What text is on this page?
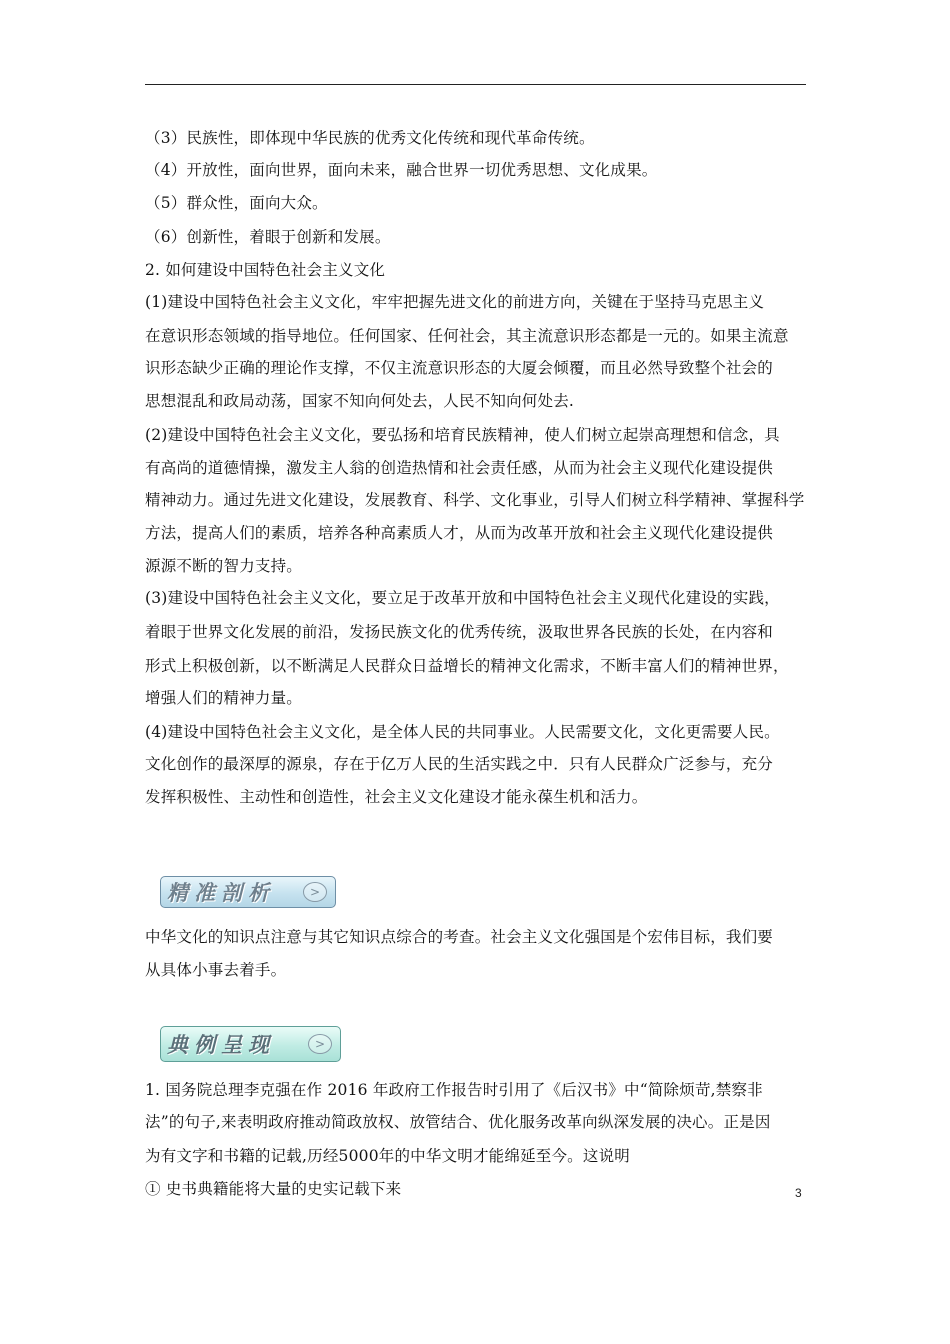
（3）民族性，即体现中华民族的优秀文化传统和现代革命传统。
（4）开放性，面向世界，面向未来，融合世界一切优秀思想、文化成果。
（5）群众性，面向大众。
（6）创新性，着眼于创新和发展。
2. 如何建设中国特色社会主义文化
(1)建设中国特色社会主义文化，牢牢把握先进文化的前进方向，关键在于坚持马克思主义
在意识形态领域的指导地位。任何国家、任何社会，其主流意识形态都是一元的。如果主流意
识形态缺少正确的理论作支撑，不仅主流意识形态的大厦会倾覆，而且必然导致整个社会的
思想混乱和政局动荡，国家不知向何处去，人民不知向何处去.
(2)建设中国特色社会主义文化，要弘扬和培育民族精神，使人们树立起崇高理想和信念，具
有高尚的道德情操，激发主人翁的创造热情和社会责任感，从而为社会主义现代化建设提供
精神动力。通过先进文化建设，发展教育、科学、文化事业，引导人们树立科学精神、掌握科学
方法，提高人们的素质，培养各种高素质人才，从而为改革开放和社会主义现代化建设提供
源源不断的智力支持。
(3)建设中国特色社会主义文化，要立足于改革开放和中国特色社会主义现代化建设的实践，
着眼于世界文化发展的前沿，发扬民族文化的优秀传统，汲取世界各民族的长处，在内容和
形式上积极创新，以不断满足人民群众日益增长的精神文化需求，不断丰富人们的精神世界，
增强人们的精神力量。
(4)建设中国特色社会主义文化，是全体人民的共同事业。人民需要文化，文化更需要人民。
文化创作的最深厚的源泉，存在于亿万人民的生活实践之中．只有人民群众广泛参与，充分
发挥积极性、主动性和创造性，社会主义文化建设才能永葆生机和活力。
精准剖析	>
中华文化的知识点注意与其它知识点综合的考查。社会主义文化强国是个宏伟目标，我们要
从具体小事去着手。
典例呈现	>
1. 国务院总理李克强在作 2016 年政府工作报告时引用了《后汉书》中“简除烦苛,禁察非
法”的句子,来表明政府推动简政放权、放管结合、优化服务改革向纵深发展的决心。正是因
为有文字和书籍的记载,历经5000年的中华文明才能绵延至今。这说明
① 史书典籍能将大量的史实记载下来	3
